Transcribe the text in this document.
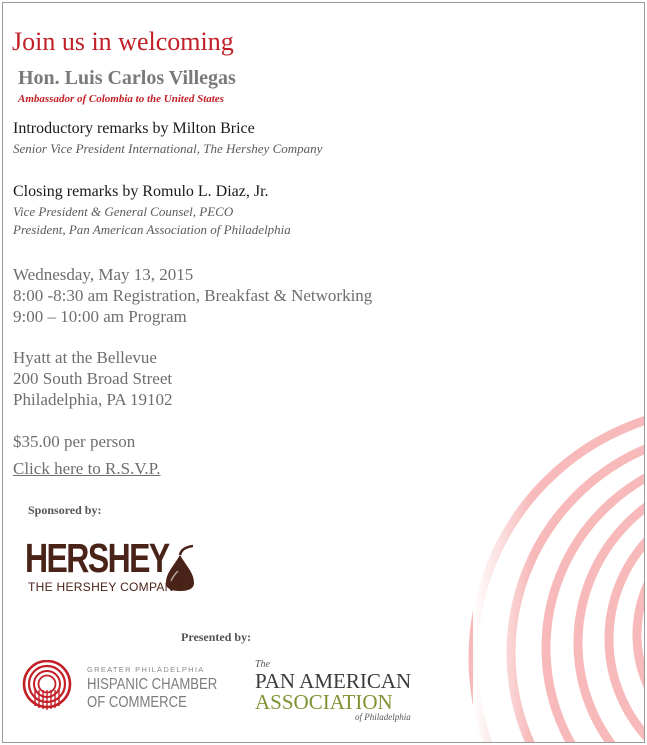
Join us in welcoming
Hon. Luis Carlos Villegas
Ambassador of Colombia to the United States
Introductory remarks by Milton Brice
Senior Vice President International, The Hershey Company
Closing remarks by Romulo L. Diaz, Jr.
Vice President & General Counsel, PECO
President, Pan American Association of Philadelphia
Wednesday, May 13, 2015
8:00 -8:30 am Registration, Breakfast & Networking
9:00 – 10:00 am Program
Hyatt at the Bellevue
200 South Broad Street
Philadelphia, PA 19102
$35.00 per person
Click here to R.S.V.P.
Sponsored by:
HERSHEY
THE HERSHEY COMPANY
Presented by:
GREATER PHILADELPHIA
HISPANIC CHAMBER
OF COMMERCE
The
PAN AMERICAN
ASSOCIATION
of Philadelphia
